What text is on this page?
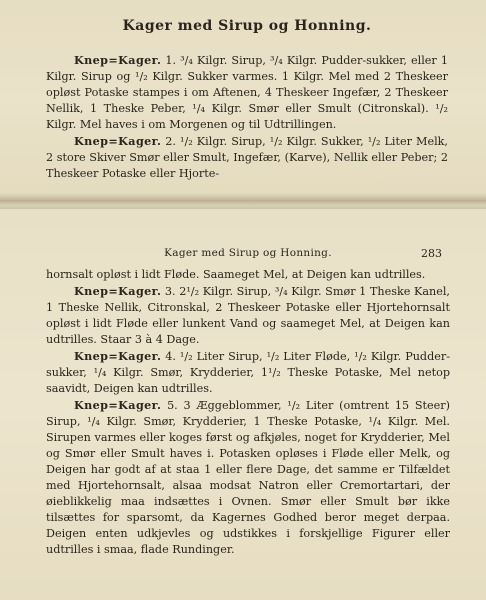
Kager med Sirup og Honning.

Knep=Kager. 1. ³/₄ Kilgr. Sirup, ³/₄ Kilgr. Pudder-sukker, eller 1 Kilgr. Sirup og ¹/₂ Kilgr. Sukker varmes. 1 Kilgr. Mel med 2 Theskeer opløst Potaske stampes i om Aftenen, 4 Theskeer Ingefær, 2 Theskeer Nellik, 1 Theske Peber, ¹/₄ Kilgr. Smør eller Smult (Citronskal). ¹/₂ Kilgr. Mel haves i om Morgenen og til Udtrillingen.

Knep=Kager. 2. ¹/₂ Kilgr. Sirup, ¹/₂ Kilgr. Sukker, ¹/₂ Liter Melk, 2 store Skiver Smør eller Smult, Ingefær, (Karve), Nellik eller Peber; 2 Theskeer Potaske eller Hjorte-

Kager med Sirup og Honning.	283

hornsalt opløst i lidt Fløde. Saameget Mel, at Deigen kan udtrilles.

Knep=Kager. 3. 2¹/₂ Kilgr. Sirup, ³/₄ Kilgr. Smør 1 Theske Kanel, 1 Theske Nellik, Citronskal, 2 Theskeer Potaske eller Hjortehornsalt opløst i lidt Fløde eller lunkent Vand og saameget Mel, at Deigen kan udtrilles. Staar 3 à 4 Dage.

Knep=Kager. 4. ¹/₂ Liter Sirup, ¹/₂ Liter Fløde, ¹/₂ Kilgr. Pudder-sukker, ¹/₄ Kilgr. Smør, Krydderier, 1¹/₂ Theske Potaske, Mel netop saavidt, Deigen kan udtrilles.

Knep=Kager. 5. 3 Æggeblommer, ¹/₂ Liter (omtrent 15 Steer) Sirup, ¹/₄ Kilgr. Smør, Krydderier, 1 Theske Potaske, ¹/₄ Kilgr. Mel. Sirupen varmes eller koges først og afkjøles, noget for Krydderier, Mel og Smør eller Smult haves i. Potasken opløses i Fløde eller Melk, og Deigen har godt af at staa 1 eller flere Dage, det samme er Tilfældet med Hjortehornsalt, alsaa modsat Natron eller Cremortartari, der øieblikkelig maa indsættes i Ovnen. Smør eller Smult bør ikke tilsættes for sparsomt, da Kagernes Godhed beror meget derpaa. Deigen enten udkjevles og udstikkes i forskjellige Figurer eller udtrilles i smaa, flade Rundinger.
